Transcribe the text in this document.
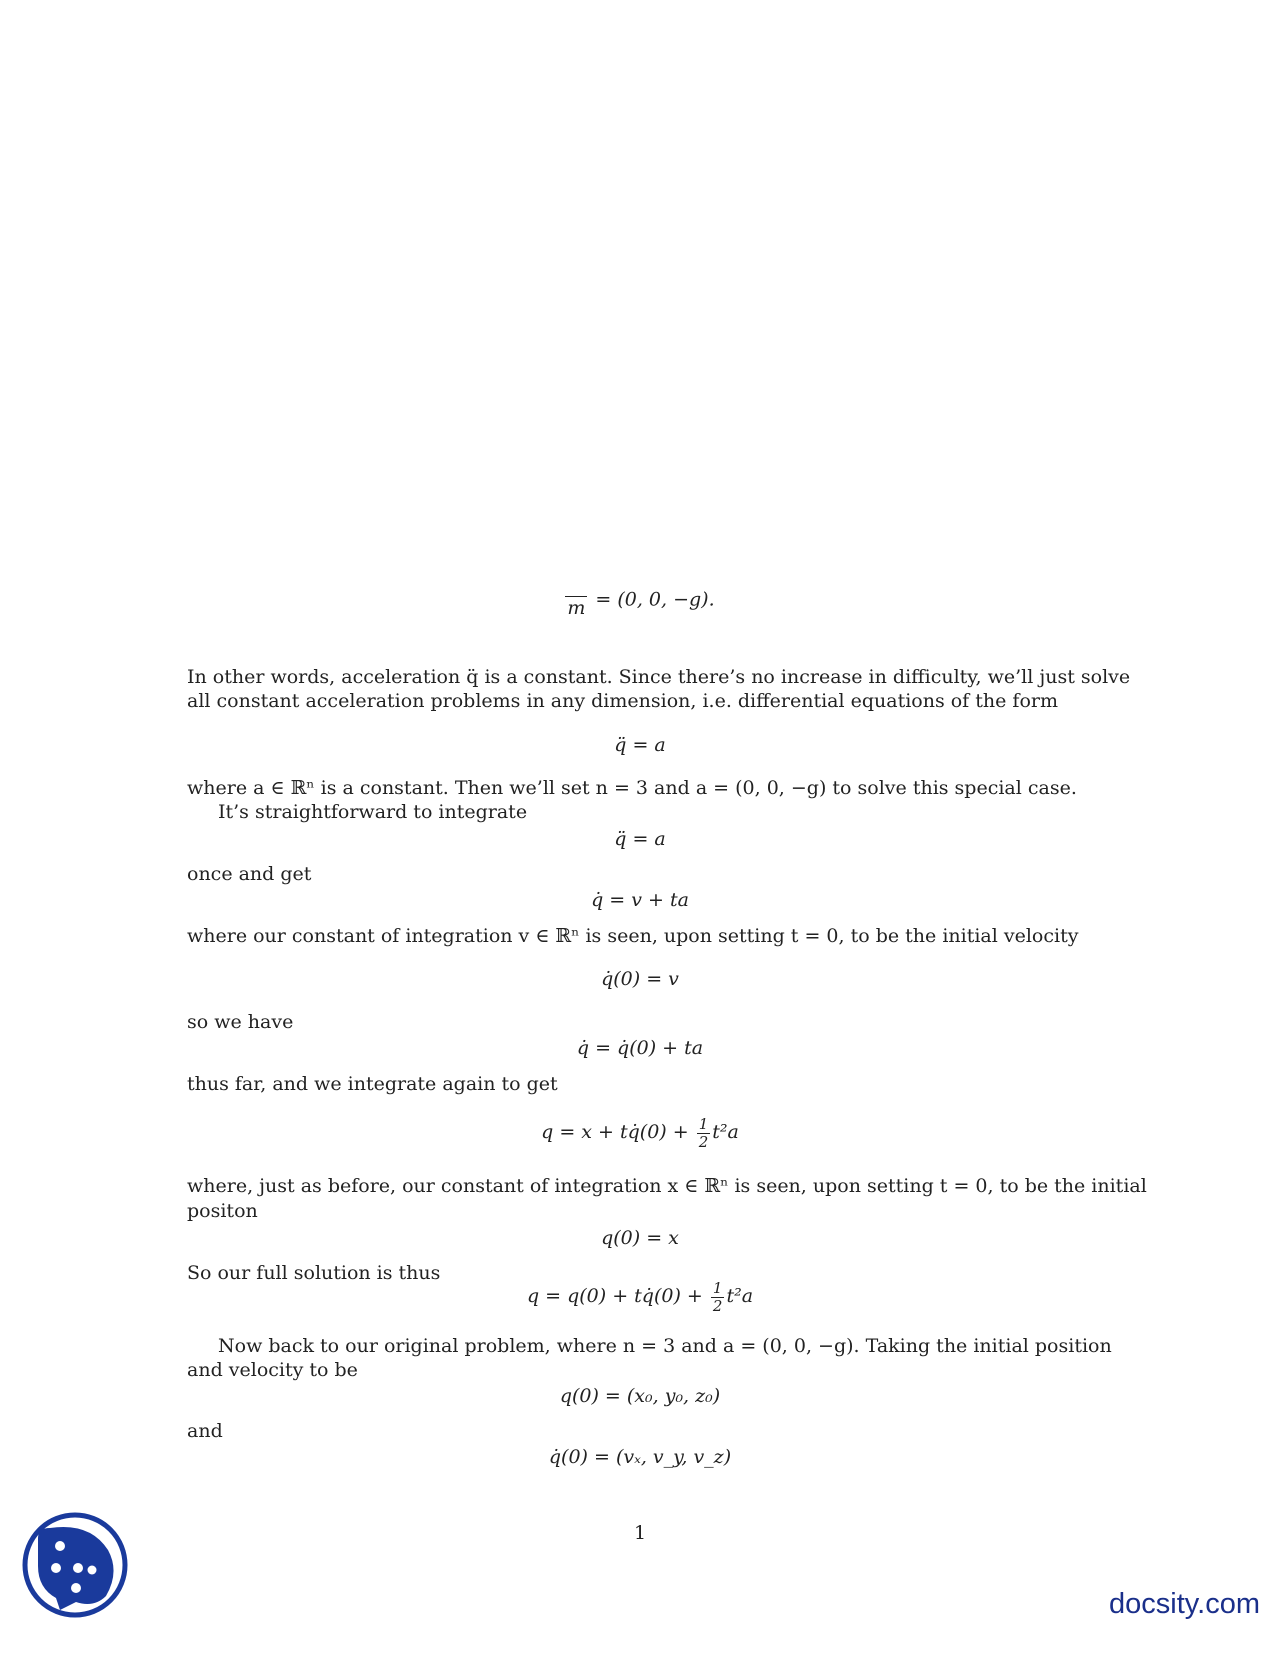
m = (0, 0, −g).
In other words, acceleration q̈ is a constant. Since there’s no increase in difficulty, we’ll just solve
all constant acceleration problems in any dimension, i.e. differential equations of the form
q̈ = a
where a ∈ ℝⁿ is a constant. Then we’ll set n = 3 and a = (0, 0, −g) to solve this special case.
It’s straightforward to integrate
q̈ = a
once and get
q̇ = v + ta
where our constant of integration v ∈ ℝⁿ is seen, upon setting t = 0, to be the initial velocity
q̇(0) = v
so we have
q̇ = q̇(0) + ta
thus far, and we integrate again to get
q = x + tq̇(0) + $\frac{1}{2} t^2a$
where, just as before, our constant of integration x ∈ ℝⁿ is seen, upon setting t = 0, to be the initial
positon
q(0) = x
So our full solution is thus
q = q(0) + tq̇(0) + $\frac{1}{2} t^2a$
Now back to our original problem, where n = 3 and a = (0, 0, −g). Taking the initial position
and velocity to be
q(0) = (x₀, y₀, z₀)
and
q̇(0) = (vₓ, v_y, v_z)
1
docsity.com
